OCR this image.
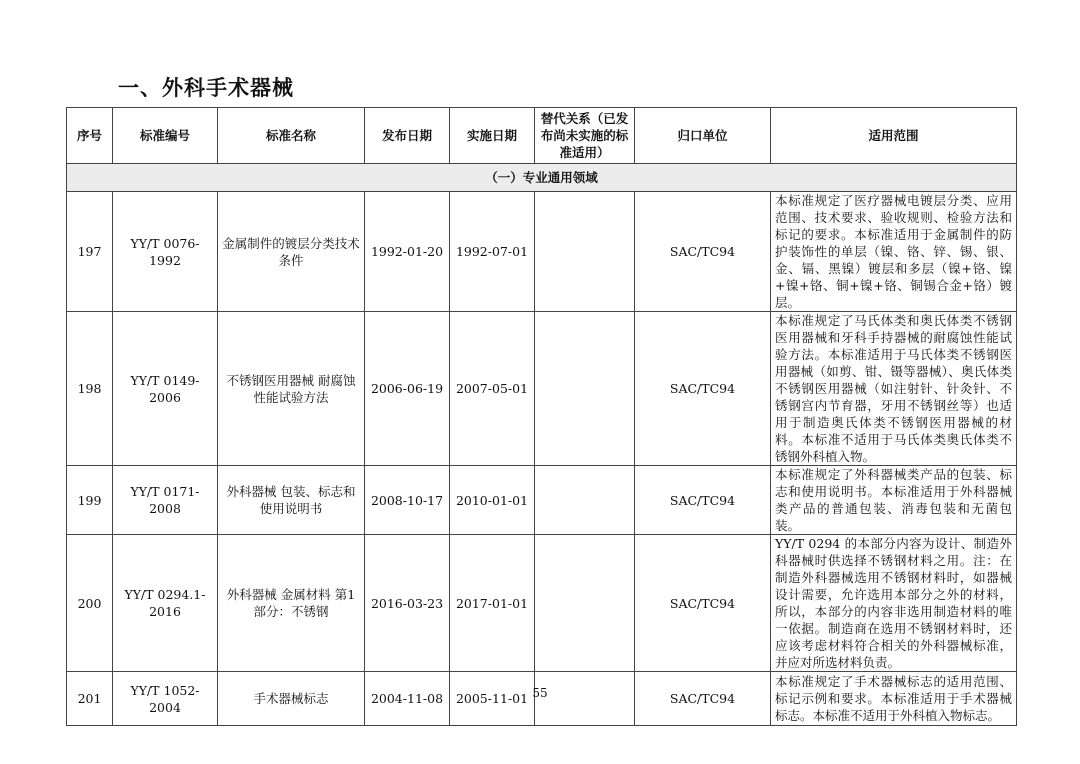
一、外科手术器械
序号	标准编号	标准名称	发布日期	实施日期	替代关系（已发布尚未实施的标准适用）	归口单位	适用范围
（一）专业通用领域							
197	YY/T 0076-1992	金属制件的镀层分类技术条件	1992-01-20	1992-07-01		SAC/TC94	本标准规定了医疗器械电镀层分类、应用范围、技术要求、验收规则、检验方法和标记的要求。本标准适用于金属制件的防护装饰性的单层（镍、铬、锌、锡、银、金、镉、黑镍）镀层和多层（镍+铬、镍+镍+铬、铜+镍+铬、铜锡合金+铬）镀层。
198	YY/T 0149-2006	不锈钢医用器械 耐腐蚀性能试验方法	2006-06-19	2007-05-01		SAC/TC94	本标准规定了马氏体类和奥氏体类不锈钢医用器械和牙科手持器械的耐腐蚀性能试验方法。本标准适用于马氏体类不锈钢医用器械（如剪、钳、镊等器械）、奥氏体类不锈钢医用器械（如注射针、针灸针、不锈钢宫内节育器，牙用不锈钢丝等）也适用于制造奥氏体类不锈钢医用器械的材料。本标准不适用于马氏体类奥氏体类不锈钢外科植入物。
199	YY/T 0171-2008	外科器械 包装、标志和使用说明书	2008-10-17	2010-01-01		SAC/TC94	本标准规定了外科器械类产品的包装、标志和使用说明书。本标准适用于外科器械类产品的普通包装、消毒包装和无菌包装。
200	YY/T 0294.1-2016	外科器械 金属材料 第1部分：不锈钢	2016-03-23	2017-01-01		SAC/TC94	YY/T 0294 的本部分内容为设计、制造外科器械时供选择不锈钢材料之用。注：在制造外科器械选用不锈钢材料时，如器械设计需要，允许选用本部分之外的材料，所以，本部分的内容非选用制造材料的唯一依据。制造商在选用不锈钢材料时，还应该考虑材料符合相关的外科器械标准，并应对所选材料负责。
201	YY/T 1052-2004	手术器械标志	2004-11-08	2005-11-01		SAC/TC94	本标准规定了手术器械标志的适用范围、标记示例和要求。本标准适用于手术器械标志。本标准不适用于外科植入物标志。
55
